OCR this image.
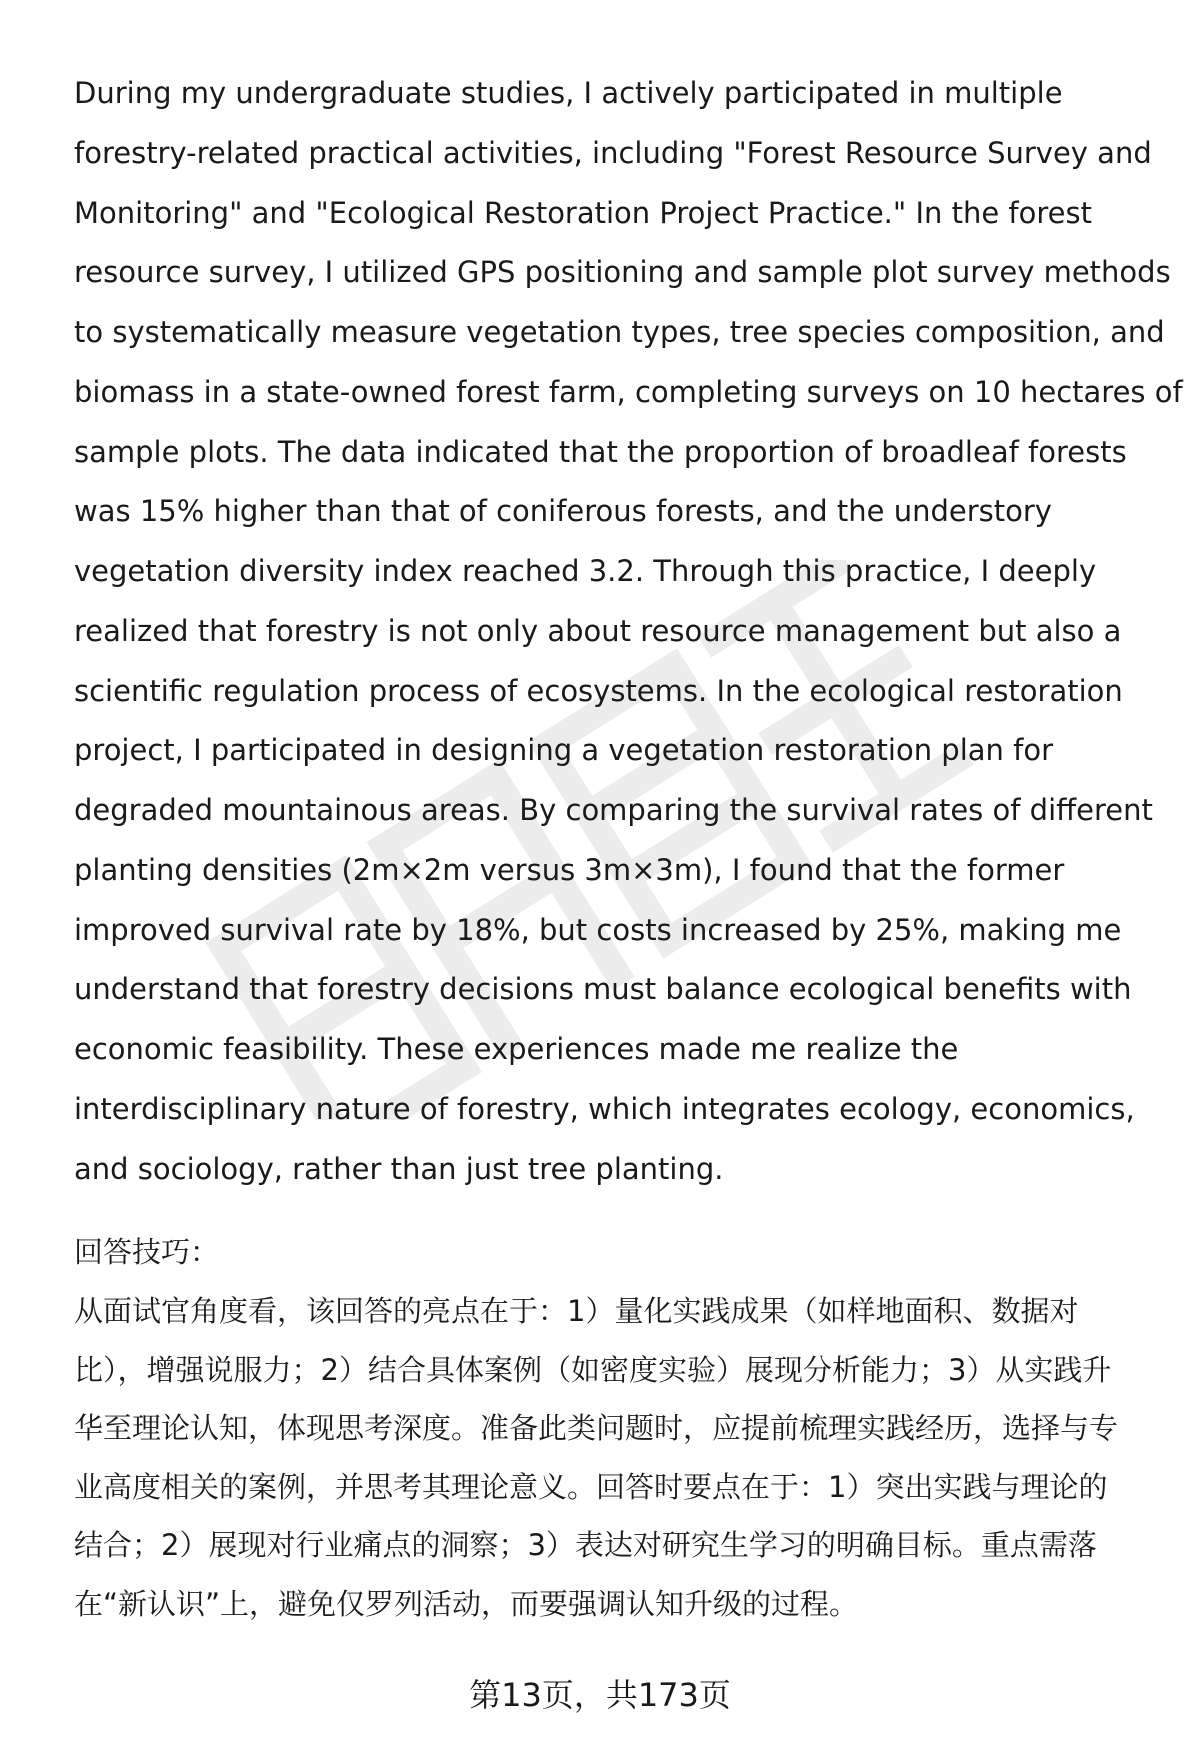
During my undergraduate studies, I actively participated in multiple
forestry-related practical activities, including "Forest Resource Survey and
Monitoring" and "Ecological Restoration Project Practice." In the forest
resource survey, I utilized GPS positioning and sample plot survey methods
to systematically measure vegetation types, tree species composition, and
biomass in a state-owned forest farm, completing surveys on 10 hectares of
sample plots. The data indicated that the proportion of broadleaf forests
was 15% higher than that of coniferous forests, and the understory
vegetation diversity index reached 3.2. Through this practice, I deeply
realized that forestry is not only about resource management but also a
scientific regulation process of ecosystems. In the ecological restoration
project, I participated in designing a vegetation restoration plan for
degraded mountainous areas. By comparing the survival rates of different
planting densities (2m×2m versus 3m×3m), I found that the former
improved survival rate by 18%, but costs increased by 25%, making me
understand that forestry decisions must balance ecological benefits with
economic feasibility. These experiences made me realize the
interdisciplinary nature of forestry, which integrates ecology, economics,
and sociology, rather than just tree planting.
回答技巧：
从面试官角度看，该回答的亮点在于：1）量化实践成果（如样地面积、数据对
比），增强说服力；2）结合具体案例（如密度实验）展现分析能力；3）从实践升
华至理论认知，体现思考深度。准备此类问题时，应提前梳理实践经历，选择与专
业高度相关的案例，并思考其理论意义。回答时要点在于：1）突出实践与理论的
结合；2）展现对行业痛点的洞察；3）表达对研究生学习的明确目标。重点需落
在“新认识”上，避免仅罗列活动，而要强调认知升级的过程。
第13页，共173页
